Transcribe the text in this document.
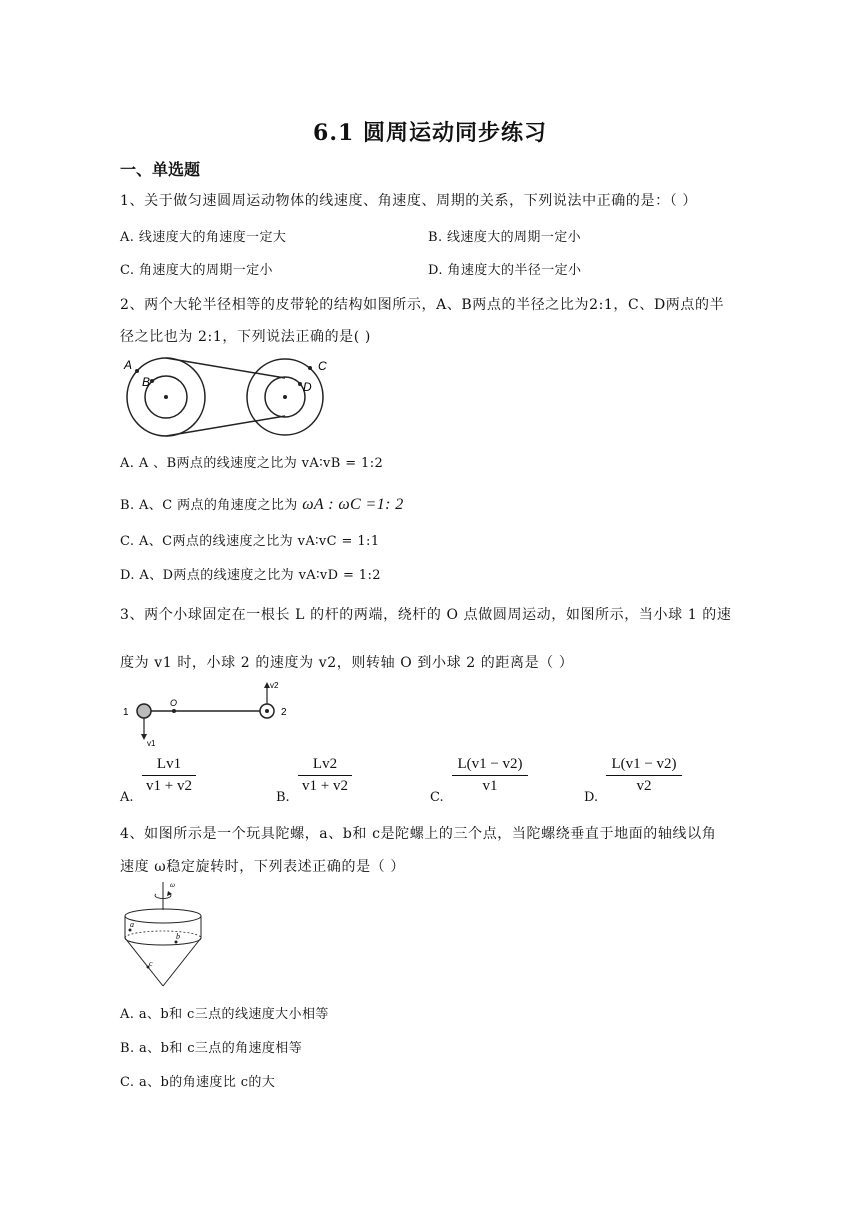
6.1 圆周运动同步练习
一、单选题
1、关于做匀速圆周运动物体的线速度、角速度、周期的关系，下列说法中正确的是：（ ）
A. 线速度大的角速度一定大	B. 线速度大的周期一定小
C. 角速度大的周期一定小	D. 角速度大的半径一定小
2、两个大轮半径相等的皮带轮的结构如图所示，A、B两点的半径之比为2:1，C、D两点的半
径之比也为 2:1，下列说法正确的是( )
A
B
C
D
A. A 、B两点的线速度之比为 vA∶vB = 1:2
B. A、C 两点的角速度之比为 ωA : ωC =1: 2
C. A、C两点的线速度之比为 vA∶vC = 1:1
D. A、D两点的线速度之比为 vA∶vD = 1:2
3、两个小球固定在一根长 L 的杆的两端，绕杆的 O 点做圆周运动，如图所示，当小球 1 的速
度为 v1 时，小球 2 的速度为 v2，则转轴 O 到小球 2 的距离是（ ）
1
O
2
v1
v2
A.
$\frac{Lv1}{v1 + v2}$
B.
$\frac{Lv2}{v1 + v2}$
C.
$\frac{L(v1 - v2)}{v1}$
D.
$\frac{L(v1 - v2)}{v2}$
4、如图所示是一个玩具陀螺，a、b和 c是陀螺上的三个点，当陀螺绕垂直于地面的轴线以角
速度 ω稳定旋转时，下列表述正确的是（ ）
ω
a
b
c
A. a、b和 c三点的线速度大小相等
B. a、b和 c三点的角速度相等
C. a、b的角速度比 c的大
